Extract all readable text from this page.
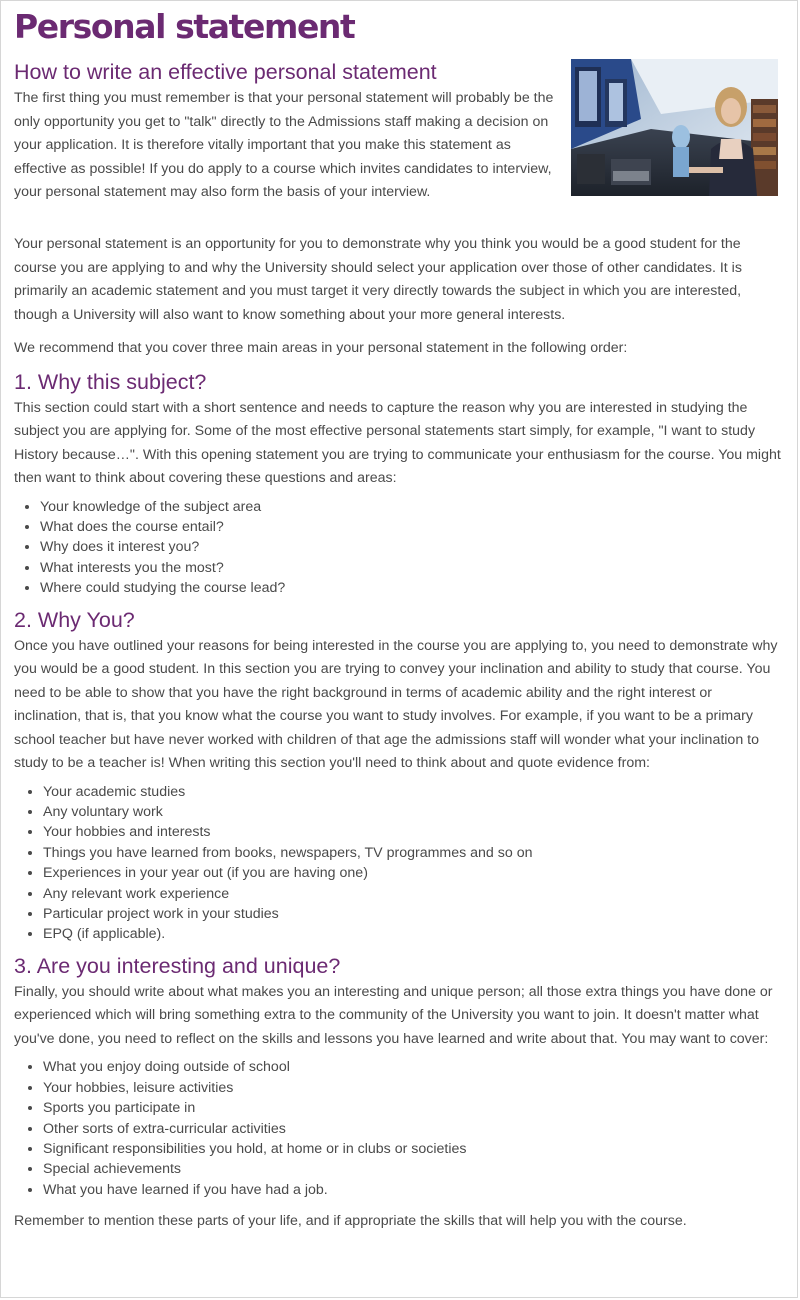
Personal statement
How to write an effective personal statement

The first thing you must remember is that your personal statement will probably be the only opportunity you get to "talk" directly to the Admissions staff making a decision on your application. It is therefore vitally important that you make this statement as effective as possible! If you do apply to a course which invites candidates to interview, your personal statement may also form the basis of your interview.

Your personal statement is an opportunity for you to demonstrate why you think you would be a good student for the course you are applying to and why the University should select your application over those of other candidates. It is primarily an academic statement and you must target it very directly towards the subject in which you are interested, though a University will also want to know something about your more general interests.

We recommend that you cover three main areas in your personal statement in the following order:

1. Why this subject?

This section could start with a short sentence and needs to capture the reason why you are interested in studying the subject you are applying for. Some of the most effective personal statements start simply, for example, "I want to study History because…". With this opening statement you are trying to communicate your enthusiasm for the course. You might then want to think about covering these questions and areas:

• Your knowledge of the subject area
• What does the course entail?
• Why does it interest you?
• What interests you the most?
• Where could studying the course lead?
2. Why You?

Once you have outlined your reasons for being interested in the course you are applying to, you need to demonstrate why you would be a good student. In this section you are trying to convey your inclination and ability to study that course. You need to be able to show that you have the right background in terms of academic ability and the right interest or inclination, that is, that you know what the course you want to study involves. For example, if you want to be a primary school teacher but have never worked with children of that age the admissions staff will wonder what your inclination to study to be a teacher is! When writing this section you'll need to think about and quote evidence from:

• Your academic studies
• Any voluntary work
• Your hobbies and interests
• Things you have learned from books, newspapers, TV programmes and so on
• Experiences in your year out (if you are having one)
• Any relevant work experience
• Particular project work in your studies
• EPQ (if applicable).
3. Are you interesting and unique?

Finally, you should write about what makes you an interesting and unique person; all those extra things you have done or experienced which will bring something extra to the community of the University you want to join. It doesn't matter what you've done, you need to reflect on the skills and lessons you have learned and write about that. You may want to cover:

• What you enjoy doing outside of school
• Your hobbies, leisure activities
• Sports you participate in
• Other sorts of extra-curricular activities
• Significant responsibilities you hold, at home or in clubs or societies
• Special achievements
• What you have learned if you have had a job.

Remember to mention these parts of your life, and if appropriate the skills that will help you with the course.
